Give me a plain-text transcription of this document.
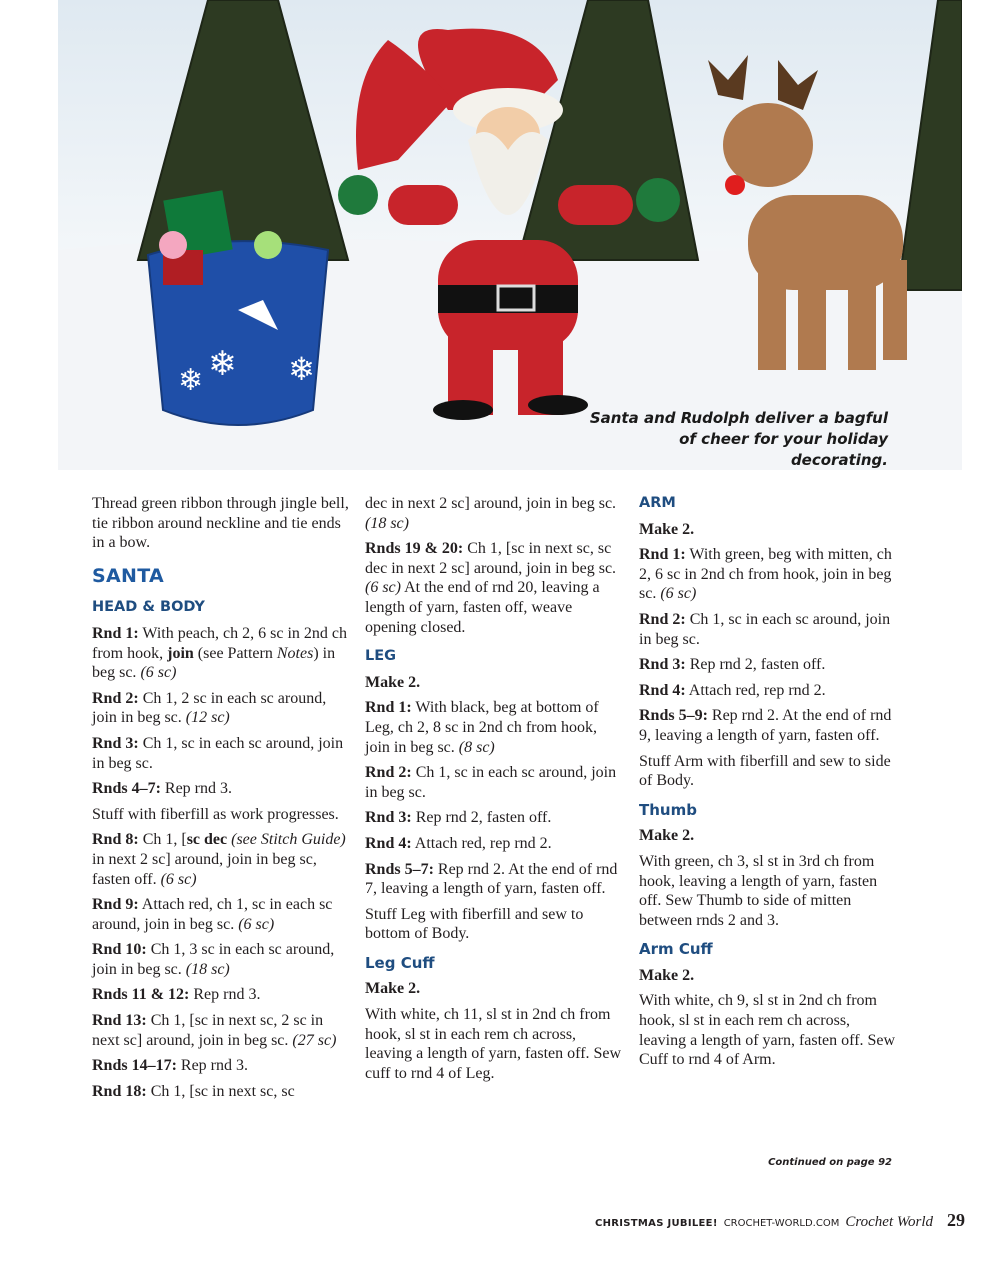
❄ ❄ ❄
Santa and Rudolph deliver a bagful
of cheer for your holiday decorating.

Thread green ribbon through jingle bell, tie ribbon around neckline and tie ends in a bow.

SANTA
HEAD & BODY

Rnd 1: With peach, ch 2, 6 sc in 2nd ch from hook, join (see Pattern Notes) in beg sc. (6 sc)

Rnd 2: Ch 1, 2 sc in each sc around, join in beg sc. (12 sc)

Rnd 3: Ch 1, sc in each sc around, join in beg sc.

Rnds 4–7: Rep rnd 3.

Stuff with fiberfill as work progresses.

Rnd 8: Ch 1, [sc dec (see Stitch Guide) in next 2 sc] around, join in beg sc, fasten off. (6 sc)

Rnd 9: Attach red, ch 1, sc in each sc around, join in beg sc. (6 sc)

Rnd 10: Ch 1, 3 sc in each sc around, join in beg sc. (18 sc)

Rnds 11 & 12: Rep rnd 3.

Rnd 13: Ch 1, [sc in next sc, 2 sc in next sc] around, join in beg sc. (27 sc)

Rnds 14–17: Rep rnd 3.

Rnd 18: Ch 1, [sc in next sc, sc

dec in next 2 sc] around, join in beg sc. (18 sc)

Rnds 19 & 20: Ch 1, [sc in next sc, sc dec in next 2 sc] around, join in beg sc. (6 sc) At the end of rnd 20, leaving a length of yarn, fasten off, weave opening closed.

LEG

Make 2.

Rnd 1: With black, beg at bottom of Leg, ch 2, 8 sc in 2nd ch from hook, join in beg sc. (8 sc)

Rnd 2: Ch 1, sc in each sc around, join in beg sc.

Rnd 3: Rep rnd 2, fasten off.

Rnd 4: Attach red, rep rnd 2.

Rnds 5–7: Rep rnd 2. At the end of rnd 7, leaving a length of yarn, fasten off.

Stuff Leg with fiberfill and sew to bottom of Body.

Leg Cuff

Make 2.

With white, ch 11, sl st in 2nd ch from hook, sl st in each rem ch across, leaving a length of yarn, fasten off. Sew cuff to rnd 4 of Leg.

ARM

Make 2.

Rnd 1: With green, beg with mitten, ch 2, 6 sc in 2nd ch from hook, join in beg sc. (6 sc)

Rnd 2: Ch 1, sc in each sc around, join in beg sc.

Rnd 3: Rep rnd 2, fasten off.

Rnd 4: Attach red, rep rnd 2.

Rnds 5–9: Rep rnd 2. At the end of rnd 9, leaving a length of yarn, fasten off.

Stuff Arm with fiberfill and sew to side of Body.

Thumb

Make 2.

With green, ch 3, sl st in 3rd ch from hook, leaving a length of yarn, fasten off. Sew Thumb to side of mitten between rnds 2 and 3.

Arm Cuff

Make 2.

With white, ch 9, sl st in 2nd ch from hook, sl st in each rem ch across, leaving a length of yarn, fasten off. Sew Cuff to rnd 4 of Arm.

Continued on page 92
CHRISTMAS JUBILEE! CROCHET-WORLD.COM Crochet World 29
